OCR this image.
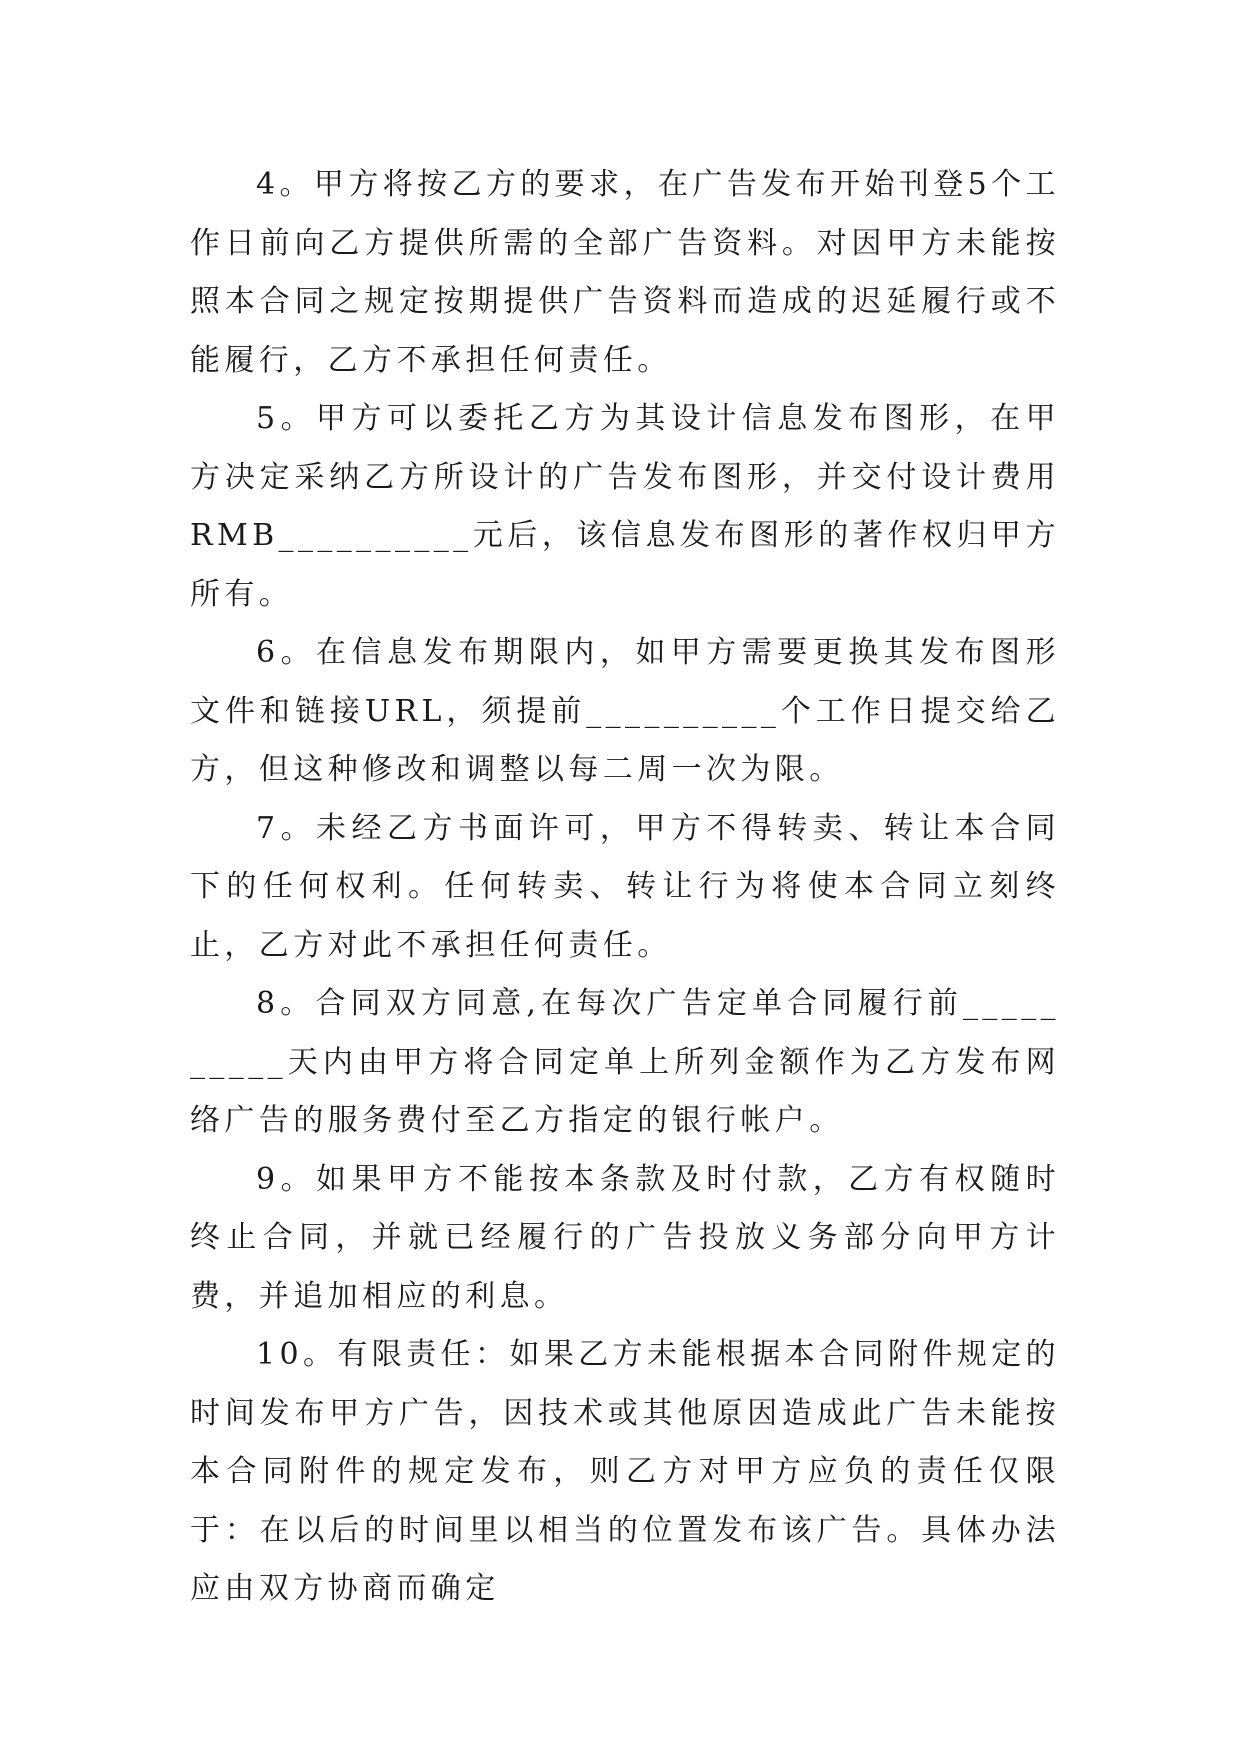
4。甲方将按乙方的要求，在广告发布开始刊登5个工作日前向乙方提供所需的全部广告资料。对因甲方未能按照本合同之规定按期提供广告资料而造成的迟延履行或不能履行，乙方不承担任何责任。

5。甲方可以委托乙方为其设计信息发布图形，在甲方决定采纳乙方所设计的广告发布图形，并交付设计费用RMB__________元后，该信息发布图形的著作权归甲方所有。

6。在信息发布期限内，如甲方需要更换其发布图形文件和链接URL，须提前__________个工作日提交给乙方，但这种修改和调整以每二周一次为限。

7。未经乙方书面许可，甲方不得转卖、转让本合同下的任何权利。任何转卖、转让行为将使本合同立刻终止，乙方对此不承担任何责任。

8。合同双方同意,在每次广告定单合同履行前__________天内由甲方将合同定单上所列金额作为乙方发布网络广告的服务费付至乙方指定的银行帐户。

9。如果甲方不能按本条款及时付款，乙方有权随时终止合同，并就已经履行的广告投放义务部分向甲方计费，并追加相应的利息。

10。有限责任：如果乙方未能根据本合同附件规定的时间发布甲方广告，因技术或其他原因造成此广告未能按本合同附件的规定发布，则乙方对甲方应负的责任仅限于：在以后的时间里以相当的位置发布该广告。具体办法应由双方协商而确定
